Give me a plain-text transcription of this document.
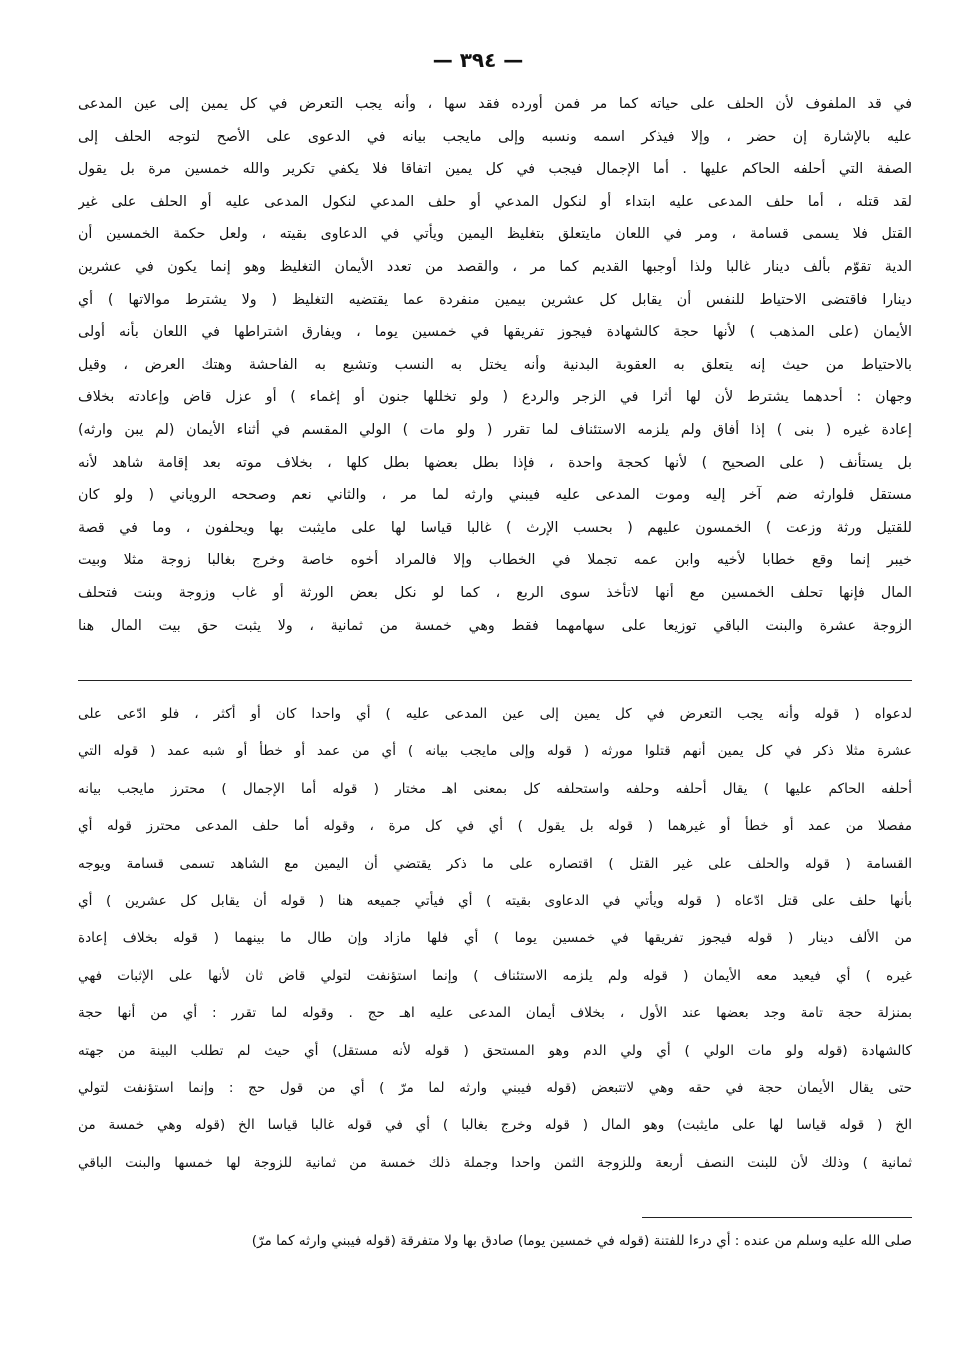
— ٣٩٤ —
في قد الملفوف لأن الحلف على حياته كما مر فمن أورده فقد سها ، وأنه يجب التعرض في كل يمين إلى عين المدعى
عليه بالإشارة إن حضر ، وإلا فيذكر اسمه ونسبه وإلى مايجب بيانه في الدعوى على الأصح لتوجه الحلف إلى
الصفة التي أحلفه الحاكم عليها . أما الإجمال فيجب في كل يمين اتفاقا فلا يكفي تكرير والله خمسين مرة بل يقول
لقد قتله ، أما حلف المدعى عليه ابتداء أو لنكول المدعي أو حلف المدعي لنكول المدعى عليه أو الحلف على غير
القتل فلا يسمى قسامة ، ومر في اللعان مايتعلق بتغليظ اليمين ويأتي في الدعاوى بقيته ، ولعل حكمة الخمسين أن
الدية تقوّم بألف دينار غالبا ولذا أوجبها القديم كما مر ، والقصد من تعدد الأيمان التغليظ وهو إنما يكون في عشرين
دينارا فاقتضى الاحتياط للنفس أن يقابل كل عشرين بيمين منفردة عما يقتضيه التغليظ ( ولا يشترط موالاتها ) أي
الأيمان (على المذهب ) لأنها حجة كالشهادة فيجوز تفريقها في خمسين يوما ، ويفارق اشتراطها في اللعان بأنه أولى
بالاحتياط من حيث إنه يتعلق به العقوبة البدنية وأنه يختل به النسب وتشيع به الفاحشة وهتك العرض ، وقيل
وجهان : أحدهما يشترط لأن لها أثرا في الزجر والردع ( ولو تخللها جنون أو إغماء ) أو عزل قاض وإعادته بخلاف
إعادة غيره ( بنى ) إذا أفاق ولم يلزمه الاستئناف لما تقرر ( ولو مات ) الولي المقسم في أثناء الأيمان (لم يبن وارثه)
بل يستأنف ( على الصحيح ) لأنها كحجة واحدة ، فإذا بطل بعضها بطل كلها ، بخلاف موته بعد إقامة شاهد لأنه
مستقل فلوارثه ضم آخر إليه وموت المدعى عليه فيبني وارثه لما مر ، والثاني نعم وصححه الروياني ( ولو كان
للقتيل ورثة وزعت ) الخمسون عليهم ( بحسب الإرث ) غالبا قياسا لها على مايثبت بها ويحلفون ، وما في قصة
خيبر إنما وقع خطابا لأخيه وابن عمه تجملا في الخطاب وإلا فالمراد أخوه خاصة وخرج بغالبا زوجة مثلا وبيت
المال فإنها تحلف الخمسين مع أنها لاتأخذ سوى الربع ، كما لو نكل بعض الورثة أو غاب وزوجة وبنت فتحلف
الزوجة عشرة والبنت الباقي توزيعا على سهامهما فقط وهي خمسة من ثمانية ، ولا يثبت حق بيت المال هنا
لدعواه ( قوله وأنه يجب التعرض في كل يمين إلى عين المدعى عليه ) أي واحدا كان أو أكثر ، فلو ادّعى على
عشرة مثلا ذكر في كل يمين أنهم قتلوا مورثه ( قوله وإلى مايجب بيانه ) أي من عمد أو خطأ أو شبه عمد ( قوله التي
أحلفه الحاكم عليها ) يقال أحلفه وحلفه واستحلفه كل بمعنى اهـ مختار ( قوله أما الإجمال ) محترز مايجب بيانه
مفصلا من عمد أو خطأ أو غيرهما ( قوله بل يقول ) أي في كل مرة ، وقوله أما حلف المدعى محترز قوله أي
القسامة ( قوله والحلف على غير القتل ) اقتصاره على ما ذكر يقتضي أن اليمين مع الشاهد تسمى قسامة ويوجه
بأنها حلف على قتل ادّعاه ( قوله ويأتي في الدعاوى بقيته ) أي فيأتي جميعه هنا ( قوله أن يقابل كل عشرين ) أي
من الألف دينار ( قوله فيجوز تفريقها في خمسين يوما ) أي فلها مازاد وإن طال ما بينهما ( قوله بخلاف إعادة
غيره ) أي فيعيد معه الأيمان ( قوله ولم يلزمه الاستئناف ) وإنما استؤنفت لتولي قاض ثان لأنها على الإثبات فهي
بمنزلة حجة تامة وجد بعضها عند الأول ، بخلاف أيمان المدعى عليه اهـ حج . وقوله لما تقرر : أي من أنها حجة
كالشهادة (قوله ولو مات الولي ) أي ولي الدم وهو المستحق ( قوله لأنه مستقل) أي حيث لم تطلب البينة من جهته
حتى يقال الأيمان حجة في حقه وهي لاتتبعض (قوله فيبني وارثه لما مرّ ) أي من قول حج : وإنما استؤنفت لتولي
الخ ( قوله قياسا لها على مايثبت) وهو المال ( قوله وخرج بغالبا ) أي في قوله غالبا قياسا الخ (قوله وهي خمسة من
ثمانية ) وذلك لأن للبنت النصف أربعة وللزوجة الثمن واحدا وجملة ذلك خمسة من ثمانية للزوجة لها خمسها والبنت الباقي
صلى الله عليه وسلم من عنده : أي درءا للفتنة (قوله في خمسين يوما) صادق بها ولا متفرقة (قوله فيبني وارثه كما مرّ)
